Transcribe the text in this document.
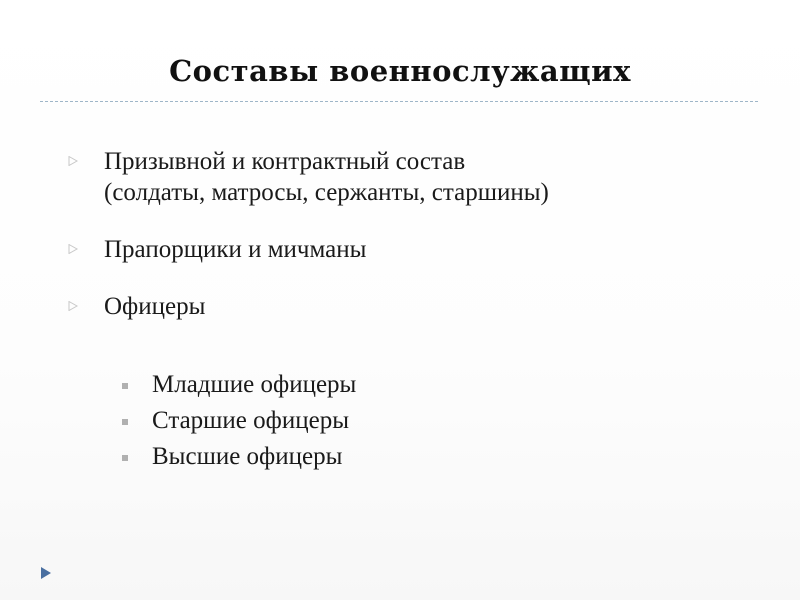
Составы военнослужащих
Призывной и контрактный состав
(солдаты, матросы, сержанты, старшины)
Прапорщики и мичманы
Офицеры
Младшие офицеры
Старшие офицеры
Высшие офицеры
